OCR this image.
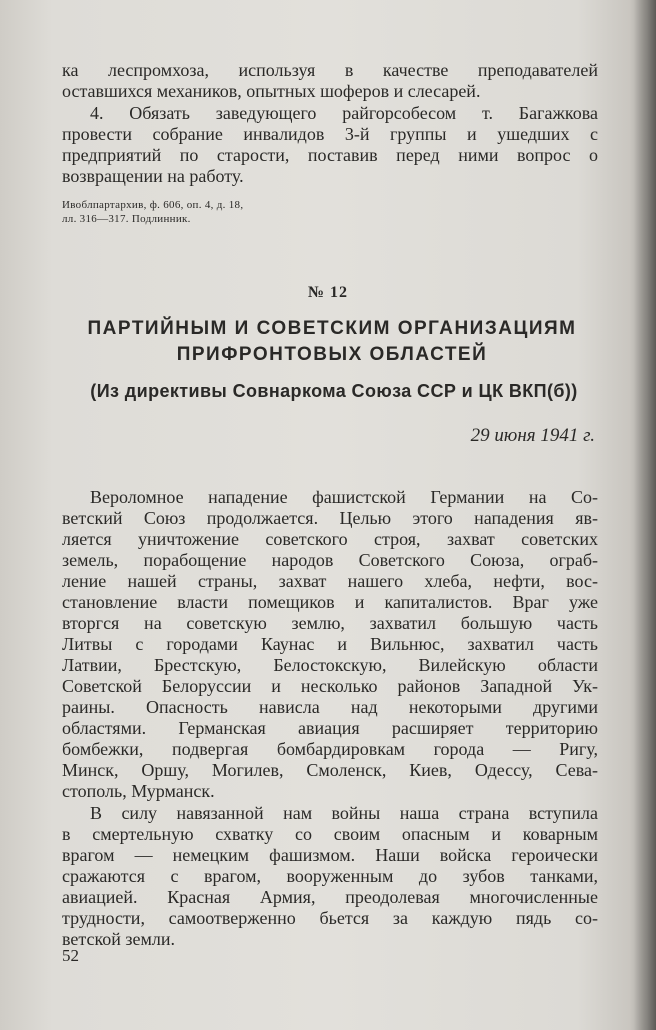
ка леспромхоза, используя в качестве преподавателей
оставшихся механиков, опытных шоферов и слесарей.
4. Обязать заведующего райгорсобесом т. Багажкова
провести собрание инвалидов 3-й группы и ушедших с
предприятий по старости, поставив перед ними вопрос о
возвращении на работу.
Ивоблпартархив, ф. 606, оп. 4, д. 18,
лл. 316—317. Подлинник.
№ 12
ПАРТИЙНЫМ И СОВЕТСКИМ ОРГАНИЗАЦИЯМ
ПРИФРОНТОВЫХ ОБЛАСТЕЙ
(Из директивы Совнаркома Союза ССР и ЦК ВКП(б))
29 июня 1941 г.
Вероломное нападение фашистской Германии на Со-
ветский Союз продолжается. Целью этого нападения яв-
ляется уничтожение советского строя, захват советских
земель, порабощение народов Советского Союза, ограб-
ление нашей страны, захват нашего хлеба, нефти, вос-
становление власти помещиков и капиталистов. Враг уже
вторгся на советскую землю, захватил большую часть
Литвы с городами Каунас и Вильнюс, захватил часть
Латвии, Брестскую, Белостокскую, Вилейскую области
Советской Белоруссии и несколько районов Западной Ук-
раины. Опасность нависла над некоторыми другими
областями. Германская авиация расширяет территорию
бомбежки, подвергая бомбардировкам города — Ригу,
Минск, Оршу, Могилев, Смоленск, Киев, Одессу, Сева-
стополь, Мурманск.
В силу навязанной нам войны наша страна вступила
в смертельную схватку со своим опасным и коварным
врагом — немецким фашизмом. Наши войска героически
сражаются с врагом, вооруженным до зубов танками,
авиацией. Красная Армия, преодолевая многочисленные
трудности, самоотверженно бьется за каждую пядь со-
ветской земли.
52
